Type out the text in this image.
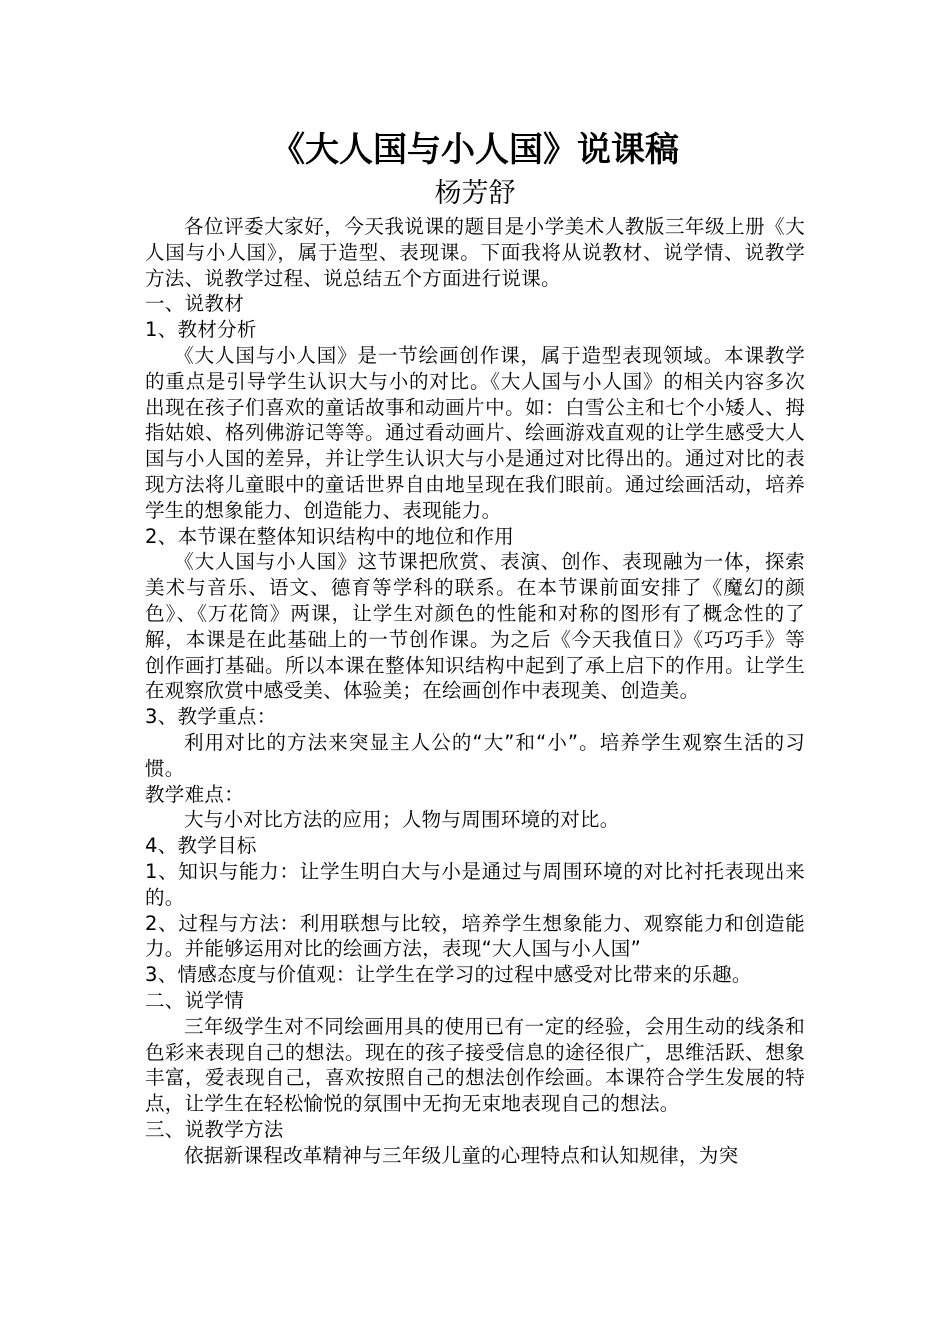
《大人国与小人国》说课稿
杨芳舒

各位评委大家好，今天我说课的题目是小学美术人教版三年级上册《大人国与小人国》，属于造型、表现课。下面我将从说教材、说学情、说教学方法、说教学过程、说总结五个方面进行说课。

一、说教材

1、教材分析

《大人国与小人国》是一节绘画创作课，属于造型表现领域。本课教学的重点是引导学生认识大与小的对比。《大人国与小人国》的相关内容多次出现在孩子们喜欢的童话故事和动画片中。如：白雪公主和七个小矮人、拇指姑娘、格列佛游记等等。通过看动画片、绘画游戏直观的让学生感受大人国与小人国的差异，并让学生认识大与小是通过对比得出的。通过对比的表现方法将儿童眼中的童话世界自由地呈现在我们眼前。通过绘画活动，培养学生的想象能力、创造能力、表现能力。

2、本节课在整体知识结构中的地位和作用

《大人国与小人国》这节课把欣赏、表演、创作、表现融为一体，探索美术与音乐、语文、德育等学科的联系。在本节课前面安排了《魔幻的颜色》、《万花筒》两课，让学生对颜色的性能和对称的图形有了概念性的了解，本课是在此基础上的一节创作课。为之后《今天我值日》《巧巧手》等创作画打基础。所以本课在整体知识结构中起到了承上启下的作用。让学生在观察欣赏中感受美、体验美；在绘画创作中表现美、创造美。

3、教学重点：

利用对比的方法来突显主人公的“大”和“小”。培养学生观察生活的习惯。

教学难点：

大与小对比方法的应用；人物与周围环境的对比。

4、教学目标

1、知识与能力：让学生明白大与小是通过与周围环境的对比衬托表现出来的。

2、过程与方法：利用联想与比较，培养学生想象能力、观察能力和创造能力。并能够运用对比的绘画方法，表现“大人国与小人国”

3、情感态度与价值观：让学生在学习的过程中感受对比带来的乐趣。

二、说学情

三年级学生对不同绘画用具的使用已有一定的经验，会用生动的线条和色彩来表现自己的想法。现在的孩子接受信息的途径很广，思维活跃、想象丰富，爱表现自己，喜欢按照自己的想法创作绘画。本课符合学生发展的特点，让学生在轻松愉悦的氛围中无拘无束地表现自己的想法。

三、说教学方法

依据新课程改革精神与三年级儿童的心理特点和认知规律，为突
